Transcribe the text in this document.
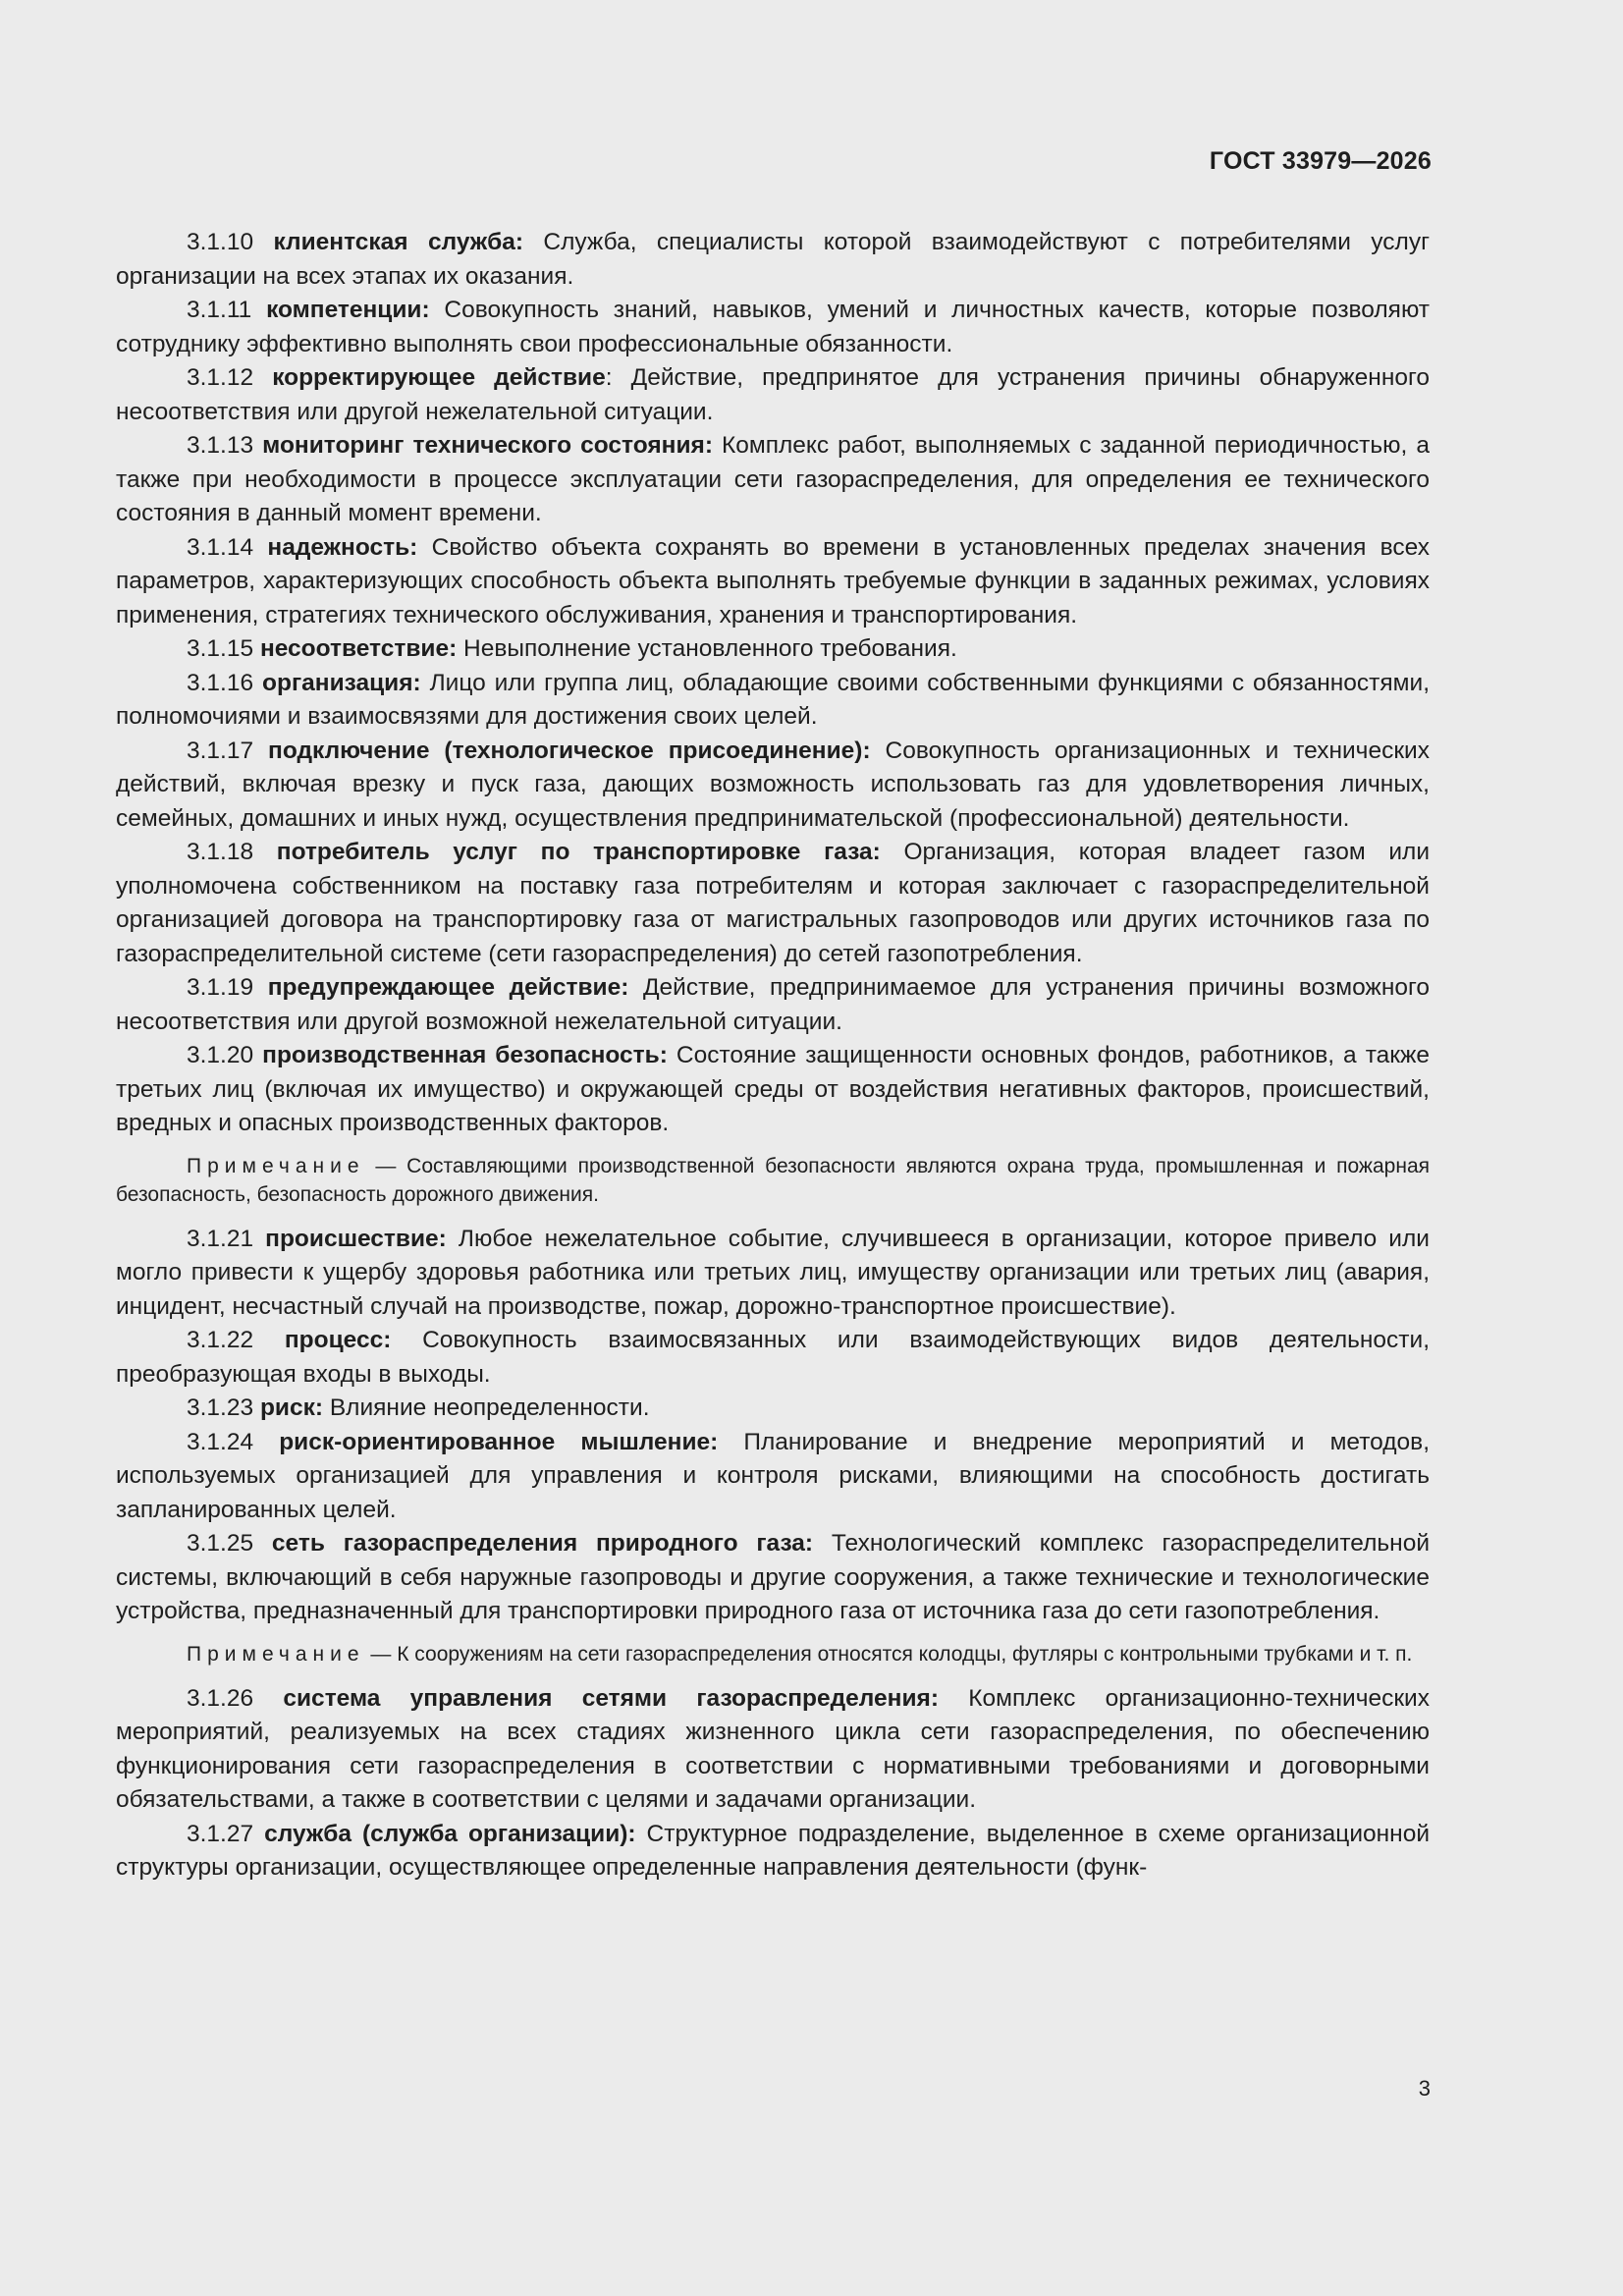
ГОСТ 33979—2026

3.1.10 клиентская служба: Служба, специалисты которой взаимодействуют с потребителями услуг организации на всех этапах их оказания.

3.1.11 компетенции: Совокупность знаний, навыков, умений и личностных качеств, которые позволяют сотруднику эффективно выполнять свои профессиональные обязанности.

3.1.12 корректирующее действие: Действие, предпринятое для устранения причины обнаруженного несоответствия или другой нежелательной ситуации.

3.1.13 мониторинг технического состояния: Комплекс работ, выполняемых с заданной периодичностью, а также при необходимости в процессе эксплуатации сети газораспределения, для определения ее технического состояния в данный момент времени.

3.1.14 надежность: Свойство объекта сохранять во времени в установленных пределах значения всех параметров, характеризующих способность объекта выполнять требуемые функции в заданных режимах, условиях применения, стратегиях технического обслуживания, хранения и транспортирования.

3.1.15 несоответствие: Невыполнение установленного требования.

3.1.16 организация: Лицо или группа лиц, обладающие своими собственными функциями с обязанностями, полномочиями и взаимосвязями для достижения своих целей.

3.1.17 подключение (технологическое присоединение): Совокупность организационных и технических действий, включая врезку и пуск газа, дающих возможность использовать газ для удовлетворения личных, семейных, домашних и иных нужд, осуществления предпринимательской (профессиональной) деятельности.

3.1.18 потребитель услуг по транспортировке газа: Организация, которая владеет газом или уполномочена собственником на поставку газа потребителям и которая заключает с газораспределительной организацией договора на транспортировку газа от магистральных газопроводов или других источников газа по газораспределительной системе (сети газораспределения) до сетей газопотребления.

3.1.19 предупреждающее действие: Действие, предпринимаемое для устранения причины возможного несоответствия или другой возможной нежелательной ситуации.

3.1.20 производственная безопасность: Состояние защищенности основных фондов, работников, а также третьих лиц (включая их имущество) и окружающей среды от воздействия негативных факторов, происшествий, вредных и опасных производственных факторов.

Примечание — Составляющими производственной безопасности являются охрана труда, промышленная и пожарная безопасность, безопасность дорожного движения.

3.1.21 происшествие: Любое нежелательное событие, случившееся в организации, которое привело или могло привести к ущербу здоровья работника или третьих лиц, имуществу организации или третьих лиц (авария, инцидент, несчастный случай на производстве, пожар, дорожно-транспортное происшествие).

3.1.22 процесс: Совокупность взаимосвязанных или взаимодействующих видов деятельности, преобразующая входы в выходы.

3.1.23 риск: Влияние неопределенности.

3.1.24 риск-ориентированное мышление: Планирование и внедрение мероприятий и методов, используемых организацией для управления и контроля рисками, влияющими на способность достигать запланированных целей.

3.1.25 сеть газораспределения природного газа: Технологический комплекс газораспределительной системы, включающий в себя наружные газопроводы и другие сооружения, а также технические и технологические устройства, предназначенный для транспортировки природного газа от источника газа до сети газопотребления.

Примечание — К сооружениям на сети газораспределения относятся колодцы, футляры с контрольными трубками и т. п.

3.1.26 система управления сетями газораспределения: Комплекс организационно-технических мероприятий, реализуемых на всех стадиях жизненного цикла сети газораспределения, по обеспечению функционирования сети газораспределения в соответствии с нормативными требованиями и договорными обязательствами, а также в соответствии с целями и задачами организации.

3.1.27 служба (служба организации): Структурное подразделение, выделенное в схеме организационной структуры организации, осуществляющее определенные направления деятельности (функ-

3
